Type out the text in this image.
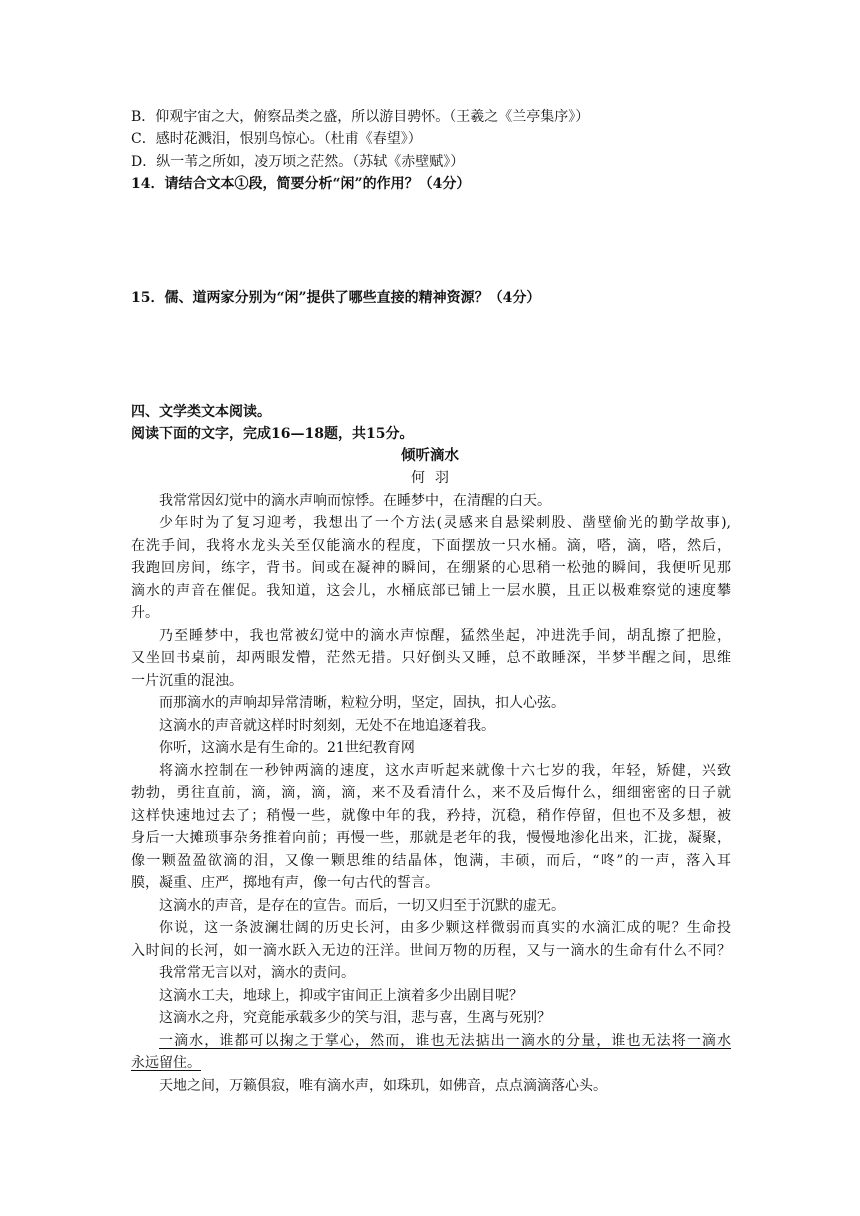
B．仰观宇宙之大，俯察品类之盛，所以游目骋怀。（王羲之《兰亭集序》）
C．感时花溅泪，恨别鸟惊心。（杜甫《春望》）
D．纵一苇之所如，凌万顷之茫然。（苏轼《赤壁赋》）
14．请结合文本①段，简要分析“闲”的作用？（4分）
15．儒、道两家分别为“闲”提供了哪些直接的精神资源？（4分）
四、文学类文本阅读。
阅读下面的文字，完成16—18题，共15分。
倾听滴水
何羽
我常常因幻觉中的滴水声响而惊悸。在睡梦中，在清醒的白天。
少年时为了复习迎考，我想出了一个方法(灵感来自悬梁刺股、凿壁偷光的勤学故事),
在洗手间，我将水龙头关至仅能滴水的程度，下面摆放一只水桶。滴，嗒，滴，嗒，然后，
我跑回房间，练字，背书。间或在凝神的瞬间，在绷紧的心思稍一松弛的瞬间，我便听见那
滴水的声音在催促。我知道，这会儿，水桶底部已铺上一层水膜，且正以极难察觉的速度攀
升。
乃至睡梦中，我也常被幻觉中的滴水声惊醒，猛然坐起，冲进洗手间，胡乱擦了把脸，
又坐回书桌前，却两眼发懵，茫然无措。只好倒头又睡，总不敢睡深，半梦半醒之间，思维
一片沉重的混浊。
而那滴水的声响却异常清晰，粒粒分明，坚定，固执，扣人心弦。
这滴水的声音就这样时时刻刻，无处不在地追逐着我。
你听，这滴水是有生命的。21世纪教育网
将滴水控制在一秒钟两滴的速度，这水声听起来就像十六七岁的我，年轻，矫健，兴致
勃勃，勇往直前，滴，滴，滴，滴，来不及看清什么，来不及后悔什么，细细密密的日子就
这样快速地过去了；稍慢一些，就像中年的我，矜持，沉稳，稍作停留，但也不及多想，被
身后一大摊琐事杂务推着向前；再慢一些，那就是老年的我，慢慢地渗化出来，汇拢，凝聚，
像一颗盈盈欲滴的泪，又像一颗思维的结晶体，饱满，丰硕，而后，“咚”的一声，落入耳
膜，凝重、庄严，掷地有声，像一句古代的誓言。
这滴水的声音，是存在的宣告。而后，一切又归至于沉默的虚无。
你说，这一条波澜壮阔的历史长河，由多少颗这样微弱而真实的水滴汇成的呢？生命投
入时间的长河，如一滴水跃入无边的汪洋。世间万物的历程，又与一滴水的生命有什么不同？
我常常无言以对，滴水的责问。
这滴水工夫，地球上，抑或宇宙间正上演着多少出剧目呢？
这滴水之舟，究竟能承载多少的笑与泪，悲与喜，生离与死别？
一滴水，谁都可以掬之于掌心，然而，谁也无法掂出一滴水的分量，谁也无法将一滴水
永远留住。
天地之间，万籁俱寂，唯有滴水声，如珠玑，如佛音，点点滴滴落心头。
